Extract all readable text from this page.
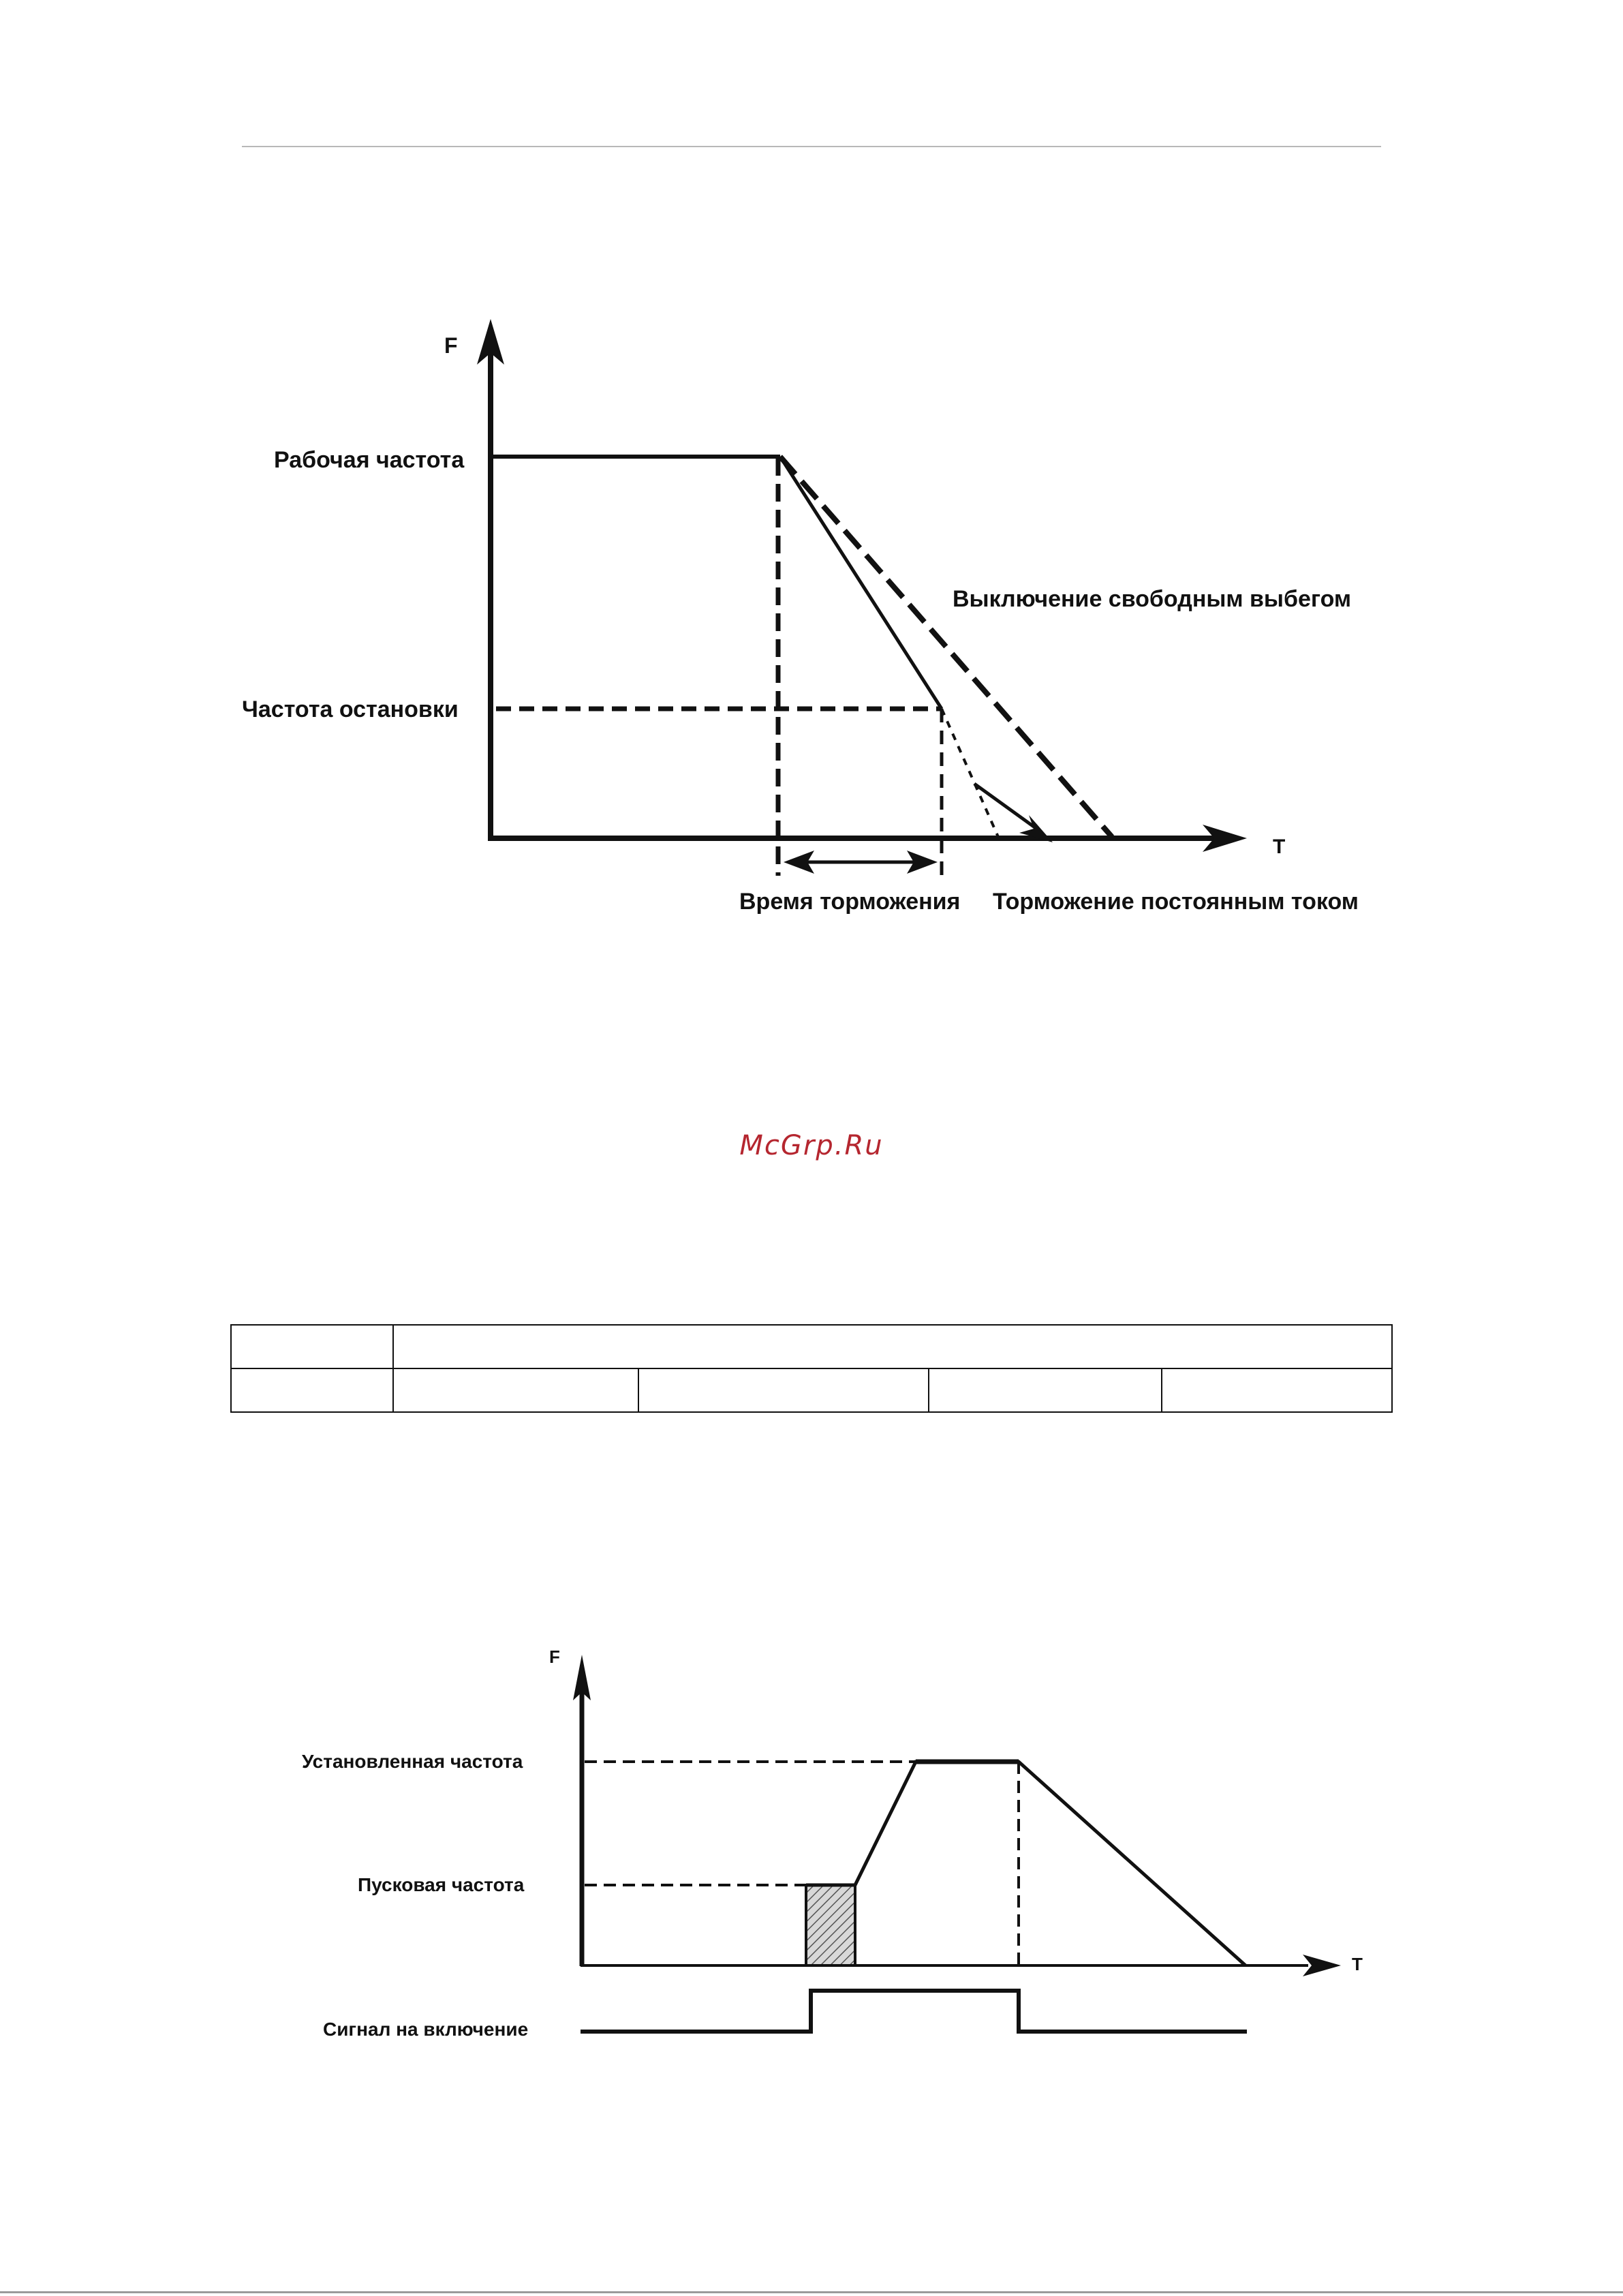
F
T
Рабочая частота
Частота остановки
Выключение свободным выбегом
Время торможения Торможение постоянным током
McGrp.Ru

F
T
Установленная частота
Пусковая частота
Сигнал на включение
